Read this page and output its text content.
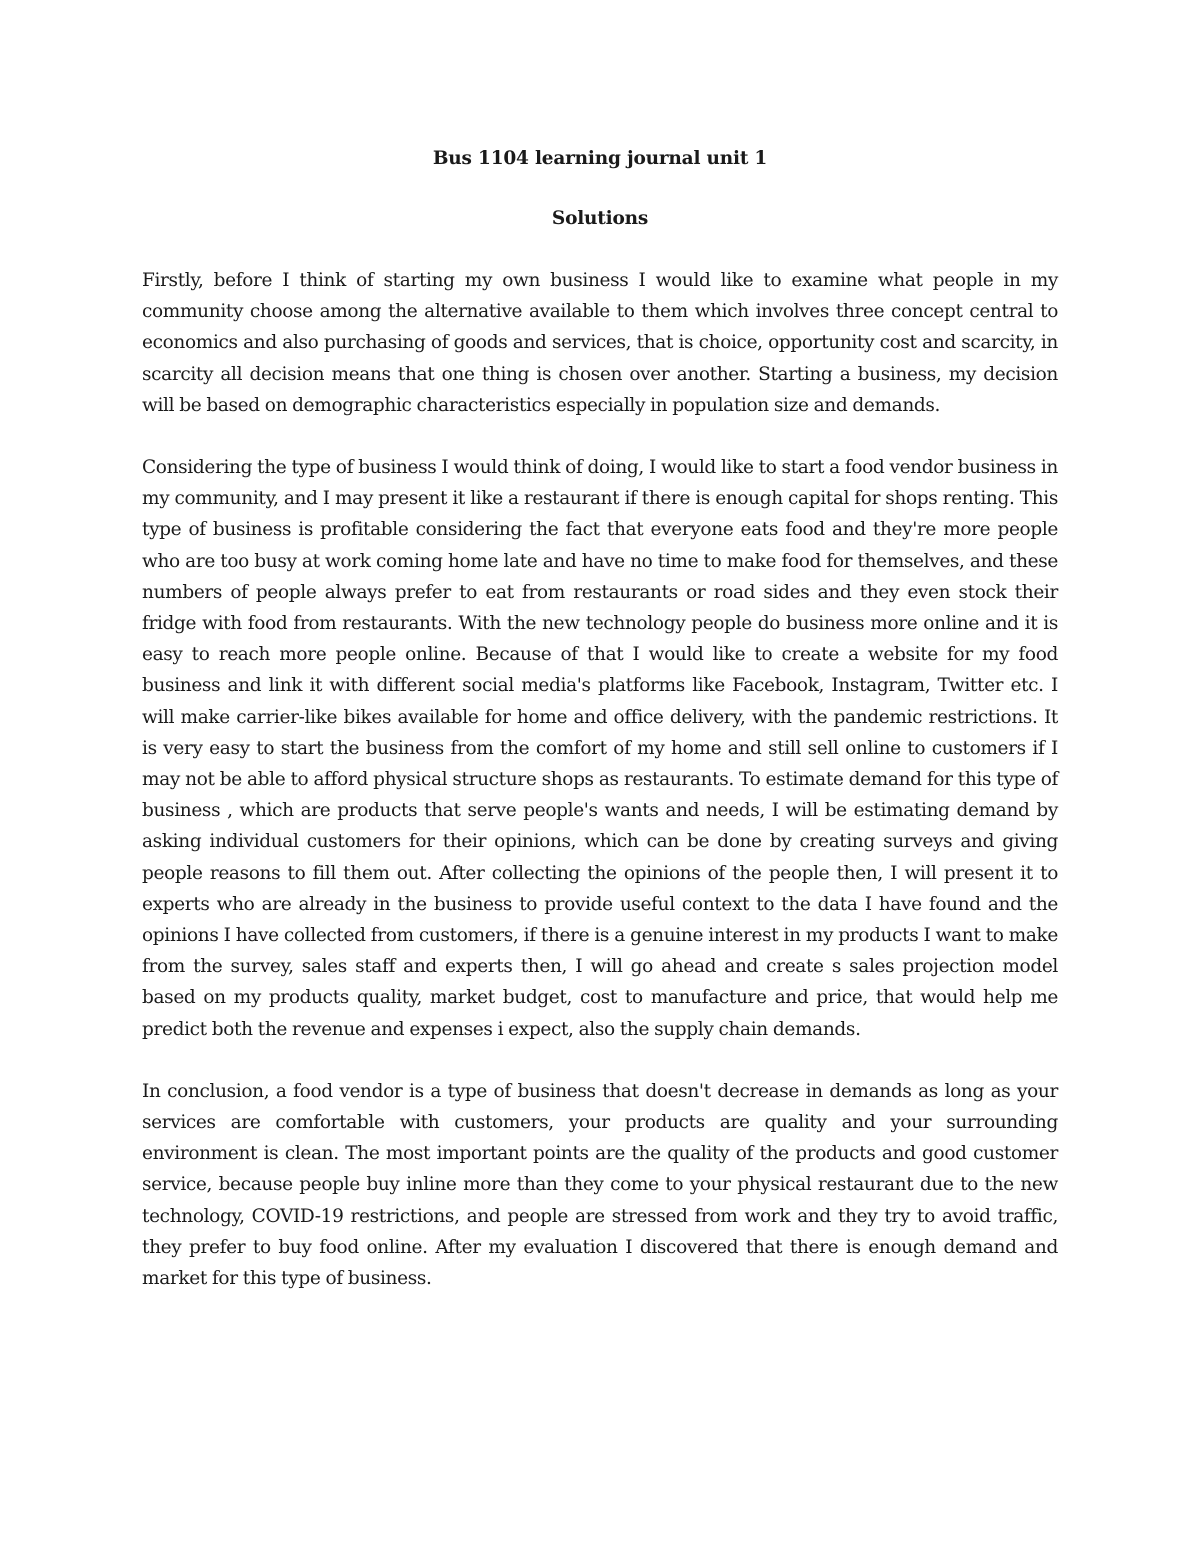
Bus 1104 learning journal unit 1
Solutions

Firstly, before I think of starting my own business I would like to examine what people in my community choose among the alternative available to them which involves three concept central to economics and also purchasing of goods and services, that is choice, opportunity cost and scarcity, in scarcity all decision means that one thing is chosen over another. Starting a business, my decision will be based on demographic characteristics especially in population size and demands.

Considering the type of business I would think of doing, I would like to start a food vendor business in my community, and I may present it like a restaurant if there is enough capital for shops renting. This type of business is profitable considering the fact that everyone eats food and they're more people who are too busy at work coming home late and have no time to make food for themselves, and these numbers of people always prefer to eat from restaurants or road sides and they even stock their fridge with food from restaurants. With the new technology people do business more online and it is easy to reach more people online. Because of that I would like to create a website for my food business and link it with different social media's platforms like Facebook, Instagram, Twitter etc. I will make carrier-like bikes available for home and office delivery, with the pandemic restrictions. It is very easy to start the business from the comfort of my home and still sell online to customers if I may not be able to afford physical structure shops as restaurants. To estimate demand for this type of business , which are products that serve people's wants and needs, I will be estimating demand by asking individual customers for their opinions, which can be done by creating surveys and giving people reasons to fill them out. After collecting the opinions of the people then, I will present it to experts who are already in the business to provide useful context to the data I have found and the opinions I have collected from customers, if there is a genuine interest in my products I want to make from the survey, sales staff and experts then, I will go ahead and create s sales projection model based on my products quality, market budget, cost to manufacture and price, that would help me predict both the revenue and expenses i expect, also the supply chain demands.

In conclusion, a food vendor is a type of business that doesn't decrease in demands as long as your services are comfortable with customers, your products are quality and your surrounding environment is clean. The most important points are the quality of the products and good customer service, because people buy inline more than they come to your physical restaurant due to the new technology, COVID-19 restrictions, and people are stressed from work and they try to avoid traffic, they prefer to buy food online. After my evaluation I discovered that there is enough demand and market for this type of business.
